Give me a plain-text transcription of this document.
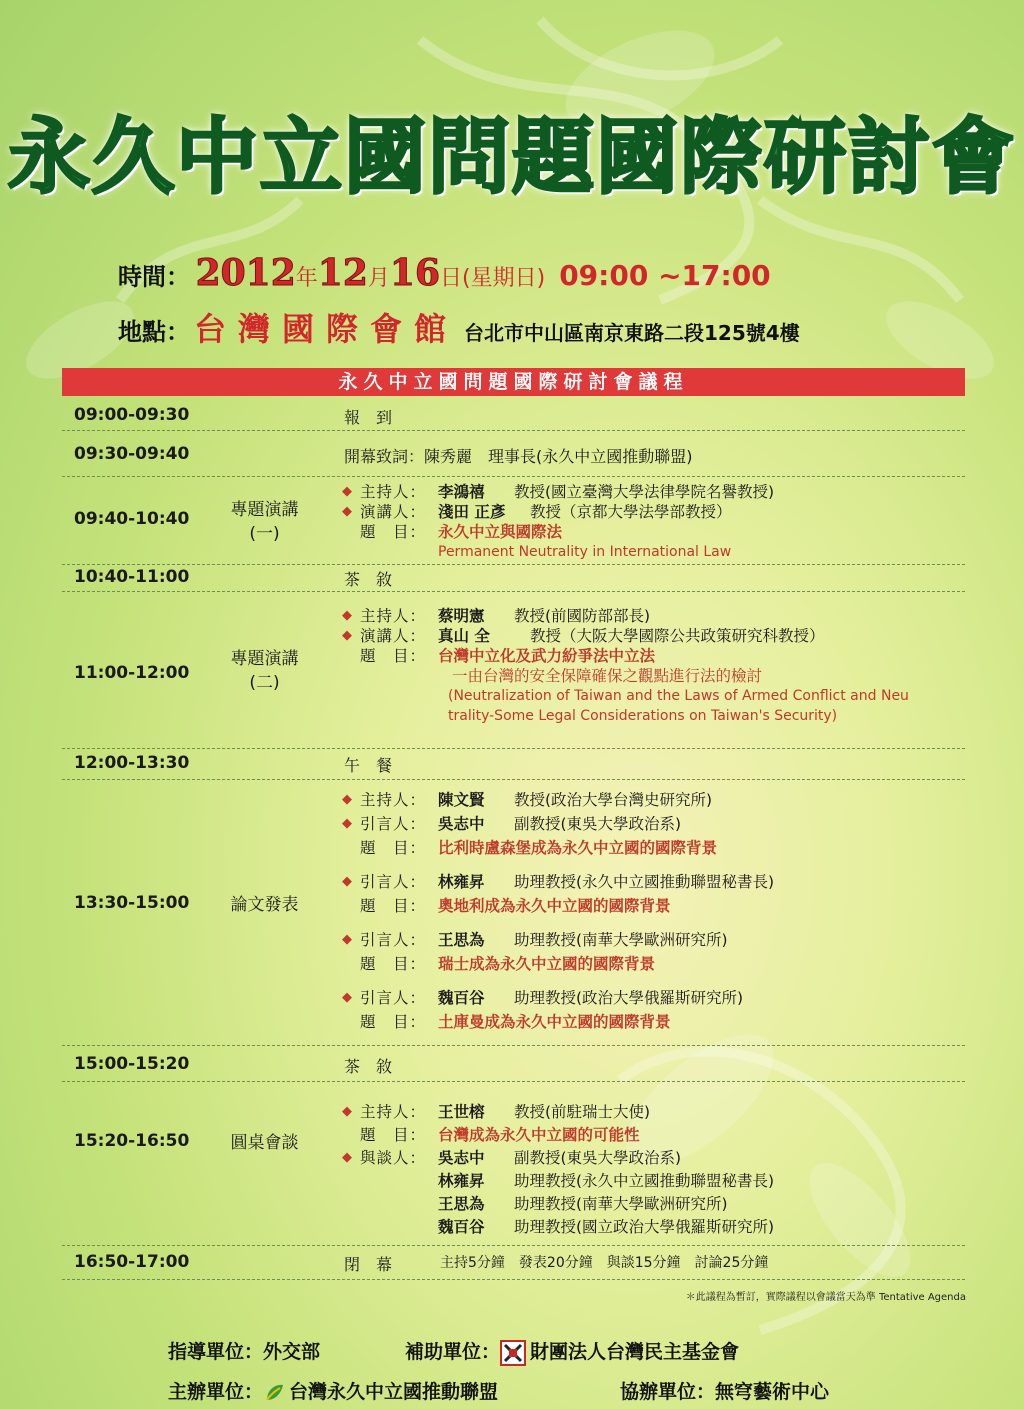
永久中立國問題國際研討會
時間： 2012年12月16日(星期日) 09:00 ~17:00
地點： 台灣國際會館 台北市中山區南京東路二段125號4樓
永久中立國問題國際研討會議程
09:00-09:30	報　到
09:30-09:40	開幕致詞：陳秀麗　理事長(永久中立國推動聯盟)
09:40-10:40	專題演講
(一)
◆ 主持人： 李鴻禧 教授(國立臺灣大學法律學院名譽教授)
◆ 演講人： 淺田 正彥 教授（京都大學法學部教授）
題　目： 永久中立與國際法
Permanent Neutrality in International Law
10:40-11:00	茶　敘
11:00-12:00
專題演講
(二)
◆ 主持人： 蔡明憲 教授(前國防部部長)
◆ 演講人： 真山 全	教授（大阪大學國際公共政策研究科教授）
題　目： 台灣中立化及武力紛爭法中立法
一由台灣的安全保障確保之觀點進行法的檢討
(Neutralization of Taiwan and the Laws of Armed Conflict and Neu
trality-Some Legal Considerations on Taiwan's Security)
12:00-13:30	午　餐
13:30-15:00	論文發表
◆ 主持人： 陳文賢 教授(政治大學台灣史研究所)
◆ 引言人： 吳志中 副教授(東吳大學政治系)
題　目： 比利時盧森堡成為永久中立國的國際背景
◆ 引言人： 林雍昇 助理教授(永久中立國推動聯盟秘書長)
題　目： 奧地利成為永久中立國的國際背景
◆ 引言人： 王思為 助理教授(南華大學歐洲研究所)
題　目： 瑞士成為永久中立國的國際背景
◆ 引言人： 魏百谷 助理教授(政治大學俄羅斯研究所)
題　目： 土庫曼成為永久中立國的國際背景
15:00-15:20	茶　敘
15:20-16:50	圓桌會談
◆ 主持人： 王世榕 教授(前駐瑞士大使)
題　目： 台灣成為永久中立國的可能性
◆ 與談人： 吳志中 副教授(東吳大學政治系)
林雍昇 助理教授(永久中立國推動聯盟秘書長)
王思為 助理教授(南華大學歐洲研究所)
魏百谷 助理教授(國立政治大學俄羅斯研究所)
16:50-17:00	閉　幕	主持5分鐘　發表20分鐘　與談15分鐘　討論25分鐘
＊此議程為暫訂，實際議程以會議當天為準 Tentative Agenda
指導單位：外交部	補助單位： 財團法人台灣民主基金會
主辦單位： 台灣永久中立國推動聯盟	協辦單位：無穹藝術中心
